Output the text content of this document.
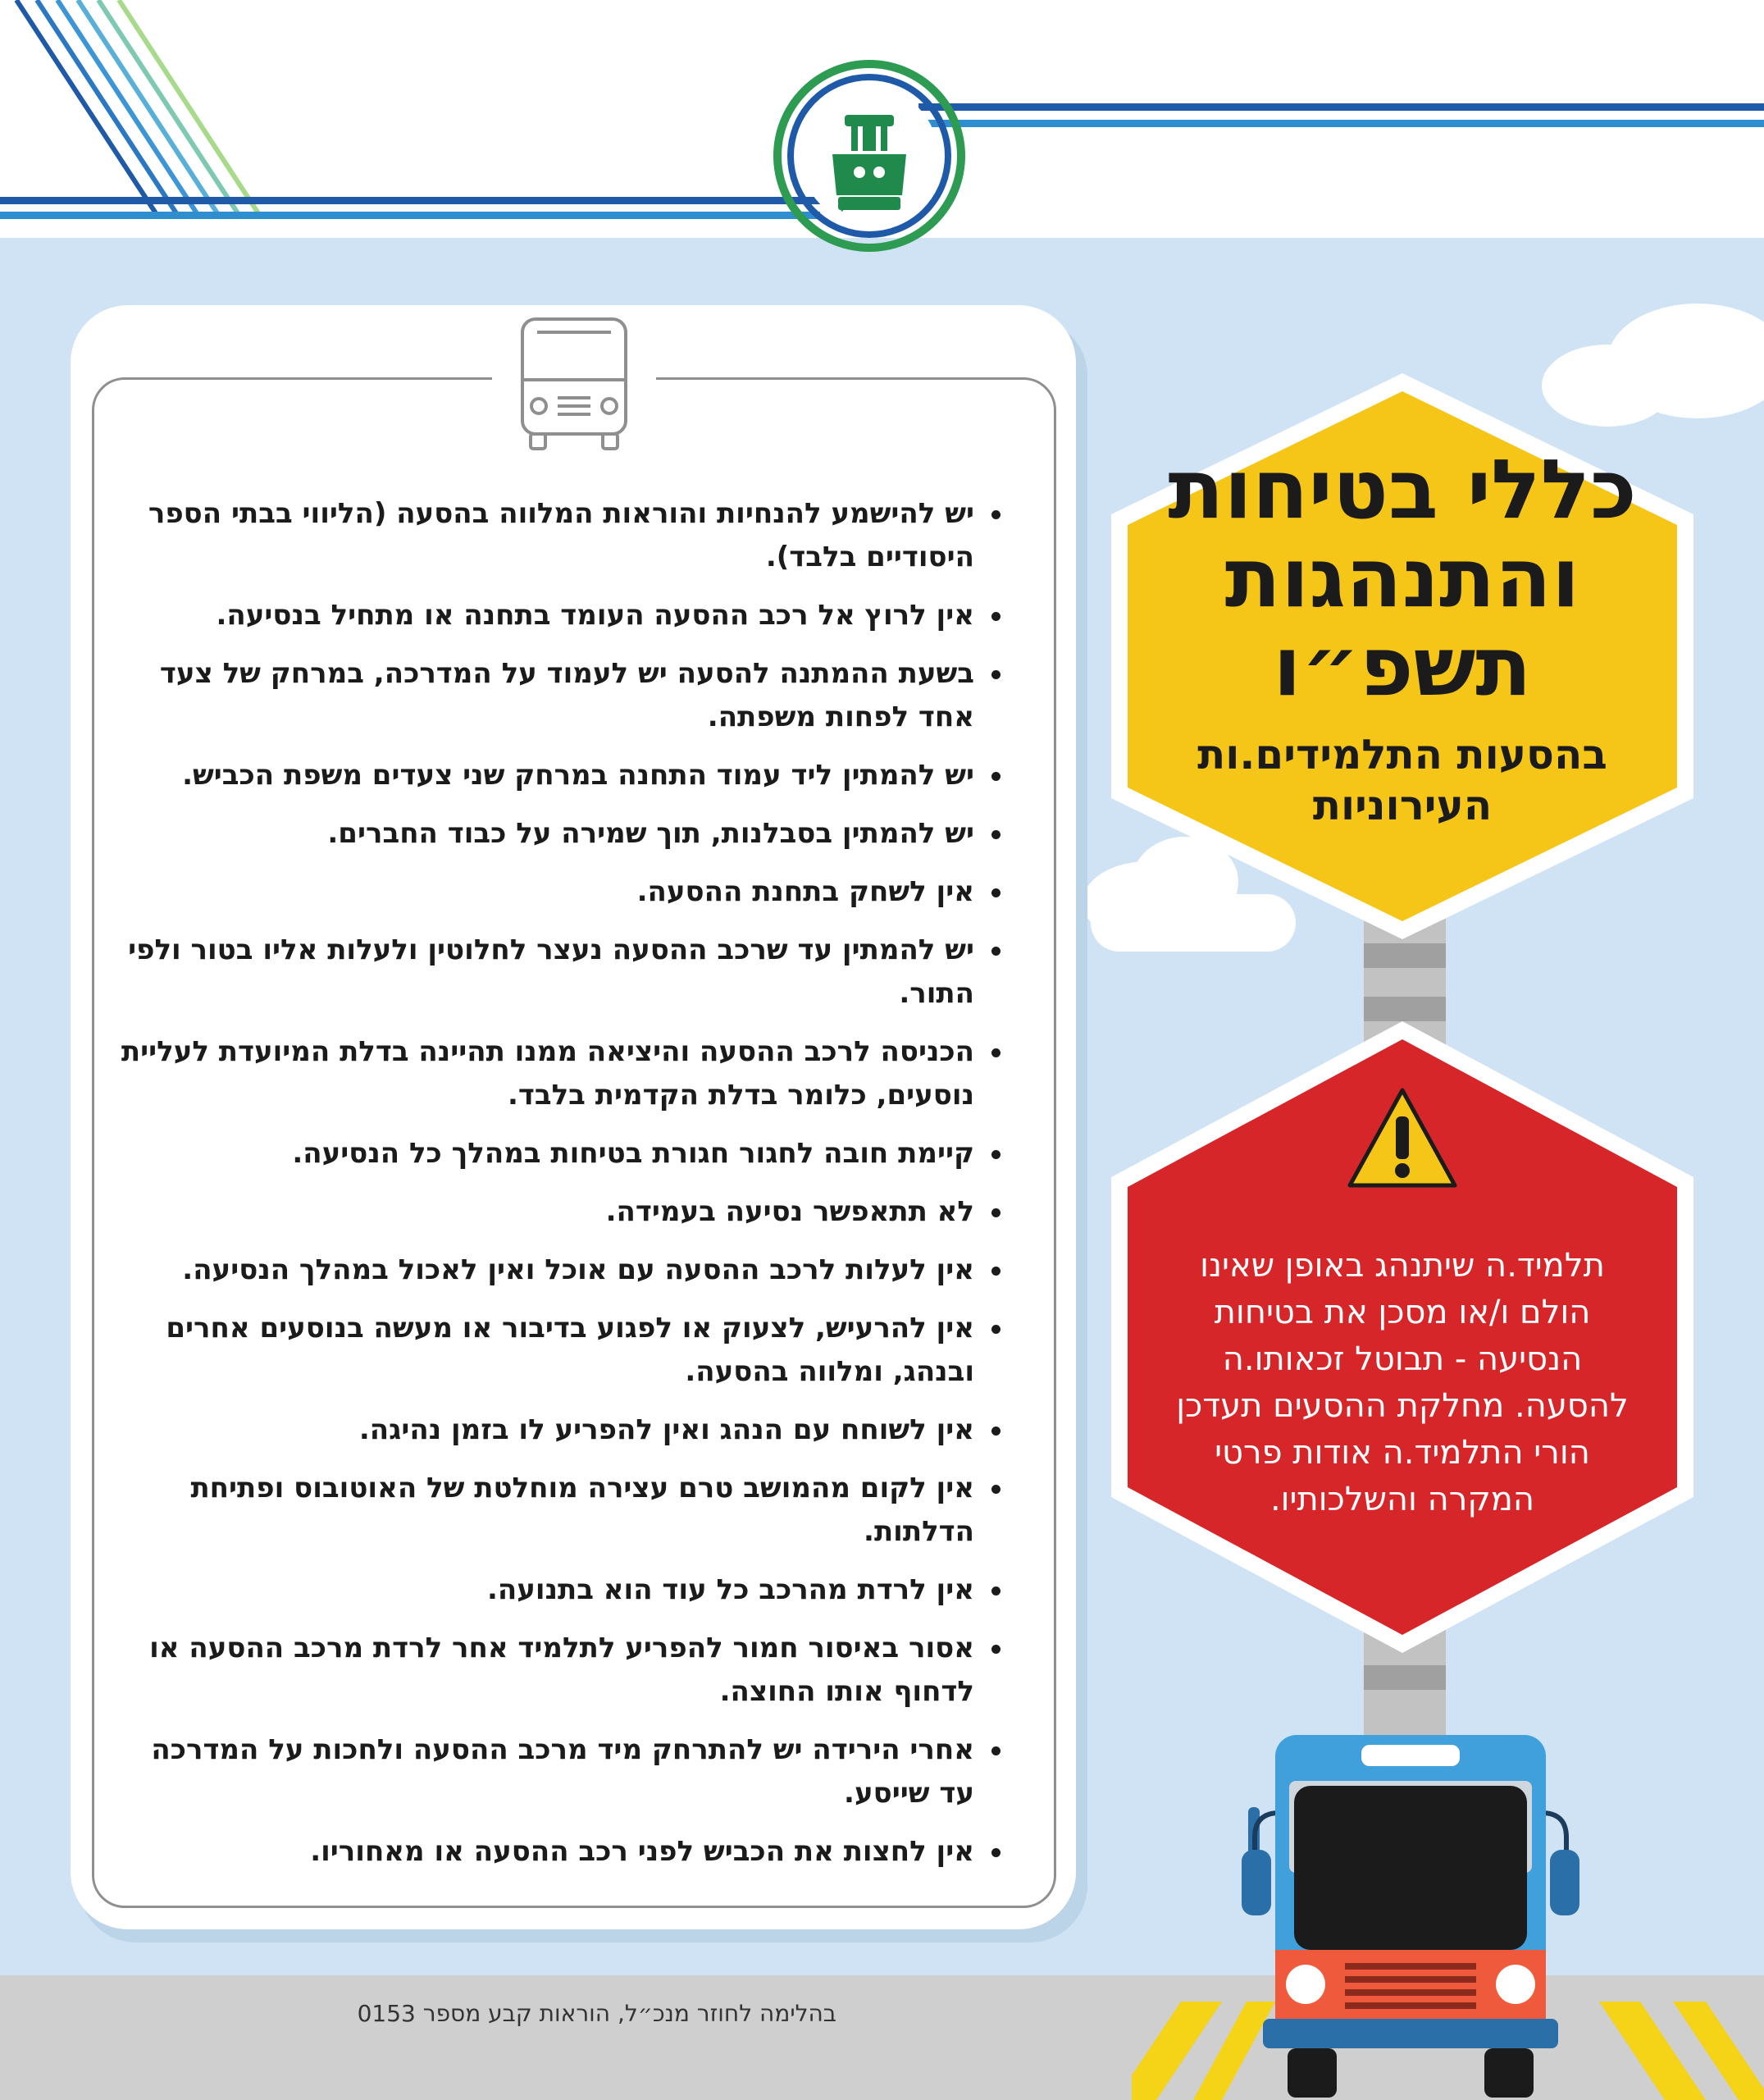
רמת השרון
יש להישמע להנחיות והוראות המלווה בהסעה (הליווי בבתי הספר היסודיים בלבד).
אין לרוץ אל רכב ההסעה העומד בתחנה או מתחיל בנסיעה.
בשעת ההמתנה להסעה יש לעמוד על המדרכה, במרחק של צעד אחד לפחות משפתה.
יש להמתין ליד עמוד התחנה במרחק שני צעדים משפת הכביש.
יש להמתין בסבלנות, תוך שמירה על כבוד החברים.
אין לשחק בתחנת ההסעה.
יש להמתין עד שרכב ההסעה נעצר לחלוטין ולעלות אליו בטור ולפי התור.
הכניסה לרכב ההסעה והיציאה ממנו תהיינה בדלת המיועדת לעליית נוסעים, כלומר בדלת הקדמית בלבד.
קיימת חובה לחגור חגורת בטיחות במהלך כל הנסיעה.
לא תתאפשר נסיעה בעמידה.
אין לעלות לרכב ההסעה עם אוכל ואין לאכול במהלך הנסיעה.
אין להרעיש, לצעוק או לפגוע בדיבור או מעשה בנוסעים אחרים ובנהג, ומלווה בהסעה.
אין לשוחח עם הנהג ואין להפריע לו בזמן נהיגה.
אין לקום מהמושב טרם עצירה מוחלטת של האוטובוס ופתיחת הדלתות.
אין לרדת מהרכב כל עוד הוא בתנועה.
אסור באיסור חמור להפריע לתלמיד אחר לרדת מרכב ההסעה או לדחוף אותו החוצה.
אחרי הירידה יש להתרחק מיד מרכב ההסעה ולחכות על המדרכה עד שייסע.
אין לחצות את הכביש לפני רכב ההסעה או מאחוריו.
כללי בטיחות
והתנהגות
תשפ״ו
בהסעות התלמידים.ות
העירוניות
תלמיד.ה שיתנהג באופן שאינו
הולם ו/או מסכן את בטיחות
הנסיעה - תבוטל זכאותו.ה
להסעה. מחלקת ההסעים תעדכן
הורי התלמיד.ה אודות פרטי
המקרה והשלכותיו.
בהלימה לחוזר מנכ״ל, הוראות קבע מספר 0153
